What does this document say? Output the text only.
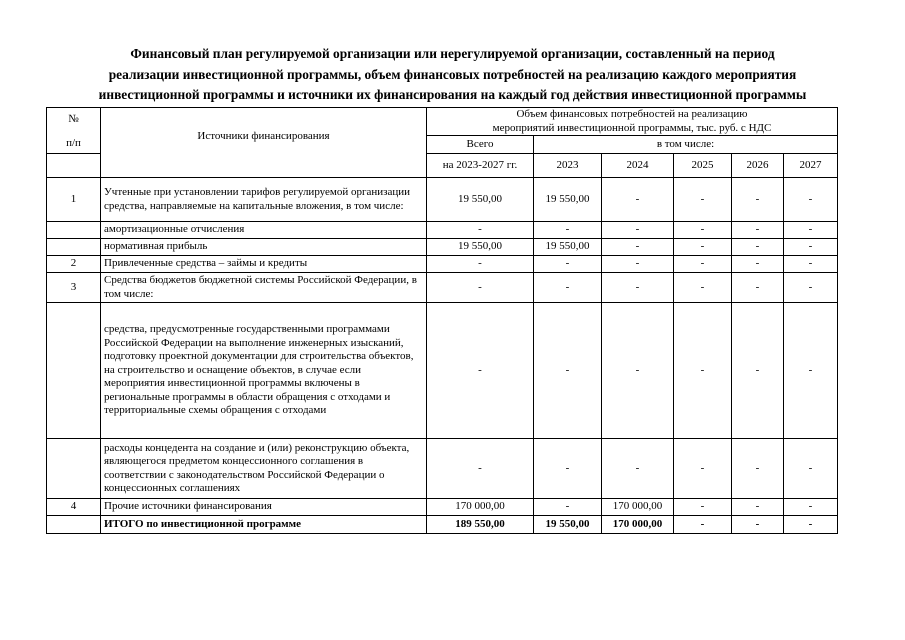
Финансовый план регулируемой организации или нерегулируемой организации, составленный на период
реализации инвестиционной программы, объем финансовых потребностей на реализацию каждого мероприятия
инвестиционной программы и источники их финансирования на каждый год действия инвестиционной программы
№
п/п	Источники финансирования	Объем финансовых потребностей на реализацию мероприятий инвестиционной программы, тыс. руб. с НДС					
		Всего	в том числе:				
		на 2023-2027 гг.	2023	2024	2025	2026	2027
1	Учтенные при установлении тарифов регулируемой организации средства, направляемые на капитальные вложения, в том числе:	19 550,00	19 550,00	-	-	-	-
	амортизационные отчисления	-	-	-	-	-	-
	нормативная прибыль	19 550,00	19 550,00	-	-	-	-
2	Привлеченные средства – займы и кредиты	-	-	-	-	-	-
3	Средства бюджетов бюджетной системы Российской Федерации, в том числе:	-	-	-	-	-	-
	средства, предусмотренные государственными программами Российской Федерации на выполнение инженерных изысканий, подготовку проектной документации для строительства объектов, на строительство и оснащение объектов, в случае если мероприятия инвестиционной программы включены в региональные программы в области обращения с отходами и территориальные схемы обращения с отходами	-	-	-	-	-	-
	расходы концедента на создание и (или) реконструкцию объекта, являющегося предметом концессионного соглашения в соответствии с законодательством Российской Федерации о концессионных соглашениях	-	-	-	-	-	-
4	Прочие источники финансирования	170 000,00	-	170 000,00	-	-	-
	ИТОГО по инвестиционной программе	189 550,00	19 550,00	170 000,00	-	-	-
